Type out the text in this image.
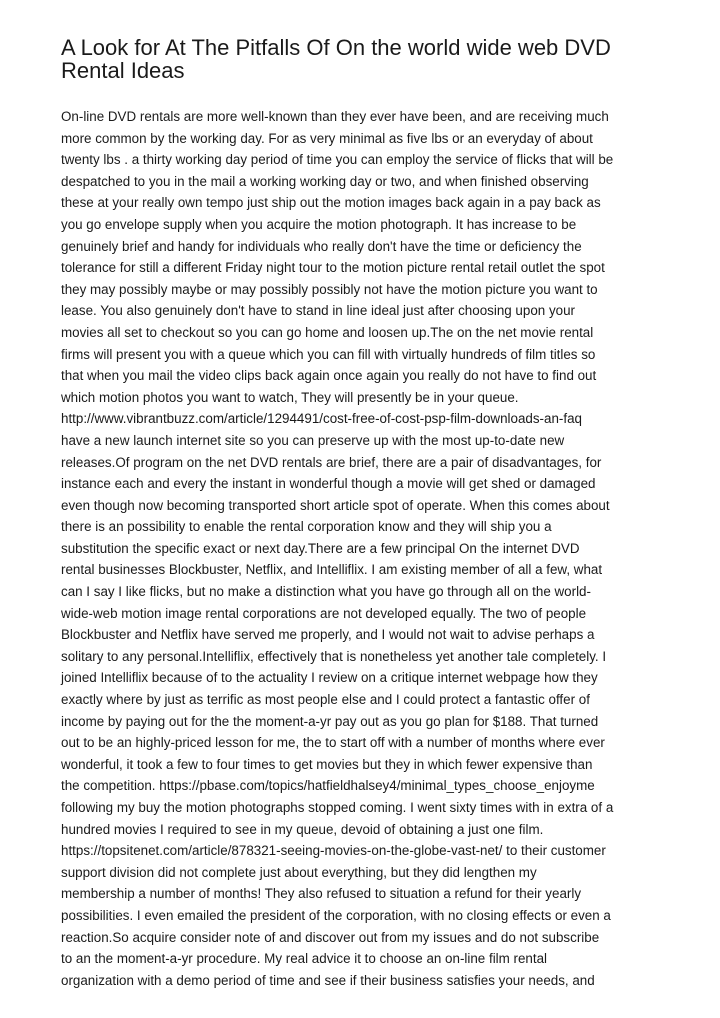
A Look for At The Pitfalls Of On the world wide web DVD
Rental Ideas
On-line DVD rentals are more well-known than they ever have been, and are receiving much
more common by the working day. For as very minimal as five lbs or an everyday of about
twenty lbs . a thirty working day period of time you can employ the service of flicks that will be
despatched to you in the mail a working working day or two, and when finished observing
these at your really own tempo just ship out the motion images back again in a pay back as
you go envelope supply when you acquire the motion photograph. It has increase to be
genuinely brief and handy for individuals who really don't have the time or deficiency the
tolerance for still a different Friday night tour to the motion picture rental retail outlet the spot
they may possibly maybe or may possibly possibly not have the motion picture you want to
lease. You also genuinely don't have to stand in line ideal just after choosing upon your
movies all set to checkout so you can go home and loosen up.The on the net movie rental
firms will present you with a queue which you can fill with virtually hundreds of film titles so
that when you mail the video clips back again once again you really do not have to find out
which motion photos you want to watch, They will presently be in your queue.
http://www.vibrantbuzz.com/article/1294491/cost-free-of-cost-psp-film-downloads-an-faq
have a new launch internet site so you can preserve up with the most up-to-date new
releases.Of program on the net DVD rentals are brief, there are a pair of disadvantages, for
instance each and every the instant in wonderful though a movie will get shed or damaged
even though now becoming transported short article spot of operate. When this comes about
there is an possibility to enable the rental corporation know and they will ship you a
substitution the specific exact or next day.There are a few principal On the internet DVD
rental businesses Blockbuster, Netflix, and Intelliflix. I am existing member of all a few, what
can I say I like flicks, but no make a distinction what you have go through all on the world-
wide-web motion image rental corporations are not developed equally. The two of people
Blockbuster and Netflix have served me properly, and I would not wait to advise perhaps a
solitary to any personal.Intelliflix, effectively that is nonetheless yet another tale completely. I
joined Intelliflix because of to the actuality I review on a critique internet webpage how they
exactly where by just as terrific as most people else and I could protect a fantastic offer of
income by paying out for the the moment-a-yr pay out as you go plan for $188. That turned
out to be an highly-priced lesson for me, the to start off with a number of months where ever
wonderful, it took a few to four times to get movies but they in which fewer expensive than
the competition. https://pbase.com/topics/hatfieldhalsey4/minimal_types_choose_enjoyme
following my buy the motion photographs stopped coming. I went sixty times with in extra of a
hundred movies I required to see in my queue, devoid of obtaining a just one film.
https://topsitenet.com/article/878321-seeing-movies-on-the-globe-vast-net/ to their customer
support division did not complete just about everything, but they did lengthen my
membership a number of months! They also refused to situation a refund for their yearly
possibilities. I even emailed the president of the corporation, with no closing effects or even a
reaction.So acquire consider note of and discover out from my issues and do not subscribe
to an the moment-a-yr procedure. My real advice it to choose an on-line film rental
organization with a demo period of time and see if their business satisfies your needs, and
